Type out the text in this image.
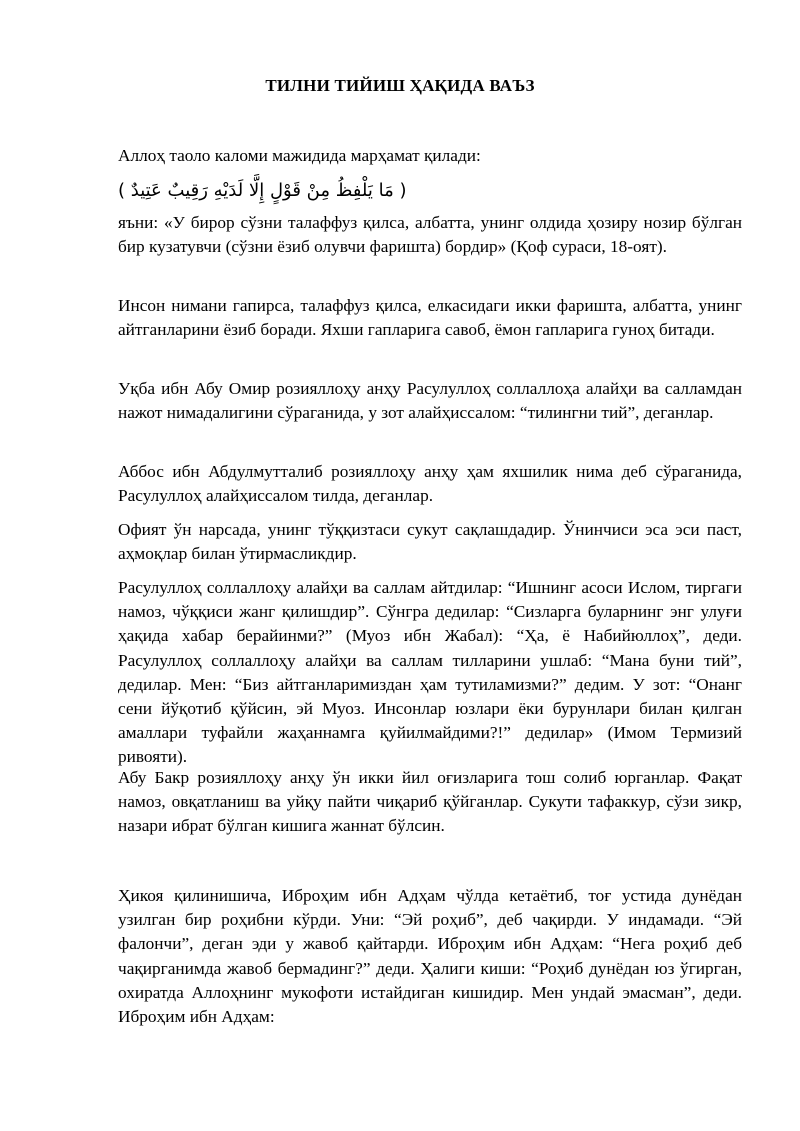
ТИЛНИ ТИЙИШ ҲАҚИДА ВАЪЗ
Аллоҳ таоло каломи мажидида марҳамат қилади:
( مَا يَلْفِظُ مِنْ قَوْلٍ إِلَّا لَدَيْهِ رَقِيبٌ عَتِيدٌ )
яъни: «У бирор сўзни талаффуз қилса, албатта, унинг олдида ҳозиру нозир бўлган бир кузатувчи (сўзни ёзиб олувчи фаришта) бордир» (Қоф сураси, 18-оят).
Инсон нимани гапирса, талаффуз қилса, елкасидаги икки фаришта, албатта, унинг айтганларини ёзиб боради. Яхши гапларига савоб, ёмон гапларига гуноҳ битади.
Уқба ибн Абу Омир розияллоҳу анҳу Расулуллоҳ соллаллоҳа алайҳи ва салламдан нажот нимадалигини сўраганида, у зот алайҳиссалом: “тилингни тий”, деганлар.
Аббос ибн Абдулмутталиб розияллоҳу анҳу ҳам яхшилик нима деб сўраганида, Расулуллоҳ алайҳиссалом тилда, деганлар.
Офият ўн нарсада, унинг тўққизтаси сукут сақлашдадир. Ўнинчиси эса эси паст, аҳмоқлар билан ўтирмасликдир.
Расулуллоҳ соллаллоҳу алайҳи ва саллам айтдилар: “Ишнинг асоси Ислом, тиргаги намоз, чўққиси жанг қилишдир”. Сўнгра дедилар: “Сизларга буларнинг энг улуғи ҳақида хабар берайинми?” (Муоз ибн Жабал): “Ҳа, ё Набийюллоҳ”, деди. Расулуллоҳ соллаллоҳу алайҳи ва саллам тилларини ушлаб: “Мана буни тий”, дедилар. Мен: “Биз айтганларимиздан ҳам тутиламизми?” дедим. У зот: “Онанг сени йўқотиб қўйсин, эй Муоз. Инсонлар юзлари ёки бурунлари билан қилган амаллари туфайли жаҳаннамга қуйилмайдими?!” дедилар» (Имом Термизий ривояти).
Абу Бакр розияллоҳу анҳу ўн икки йил оғизларига тош солиб юрганлар. Фақат намоз, овқатланиш ва уйқу пайти чиқариб қўйганлар. Сукути тафаккур, сўзи зикр, назари ибрат бўлган кишига жаннат бўлсин.
Ҳикоя қилинишича, Иброҳим ибн Адҳам чўлда кетаётиб, тоғ устида дунёдан узилган бир роҳибни кўрди. Уни: “Эй роҳиб”, деб чақирди. У индамади. “Эй фалончи”, деган эди у жавоб қайтарди. Иброҳим ибн Адҳам: “Нега роҳиб деб чақирганимда жавоб бермадинг?” деди. Ҳалиги киши: “Роҳиб дунёдан юз ўгирган, охиратда Аллоҳнинг мукофоти истайдиган кишидир. Мен ундай эмасман”, деди. Иброҳим ибн Адҳам:
